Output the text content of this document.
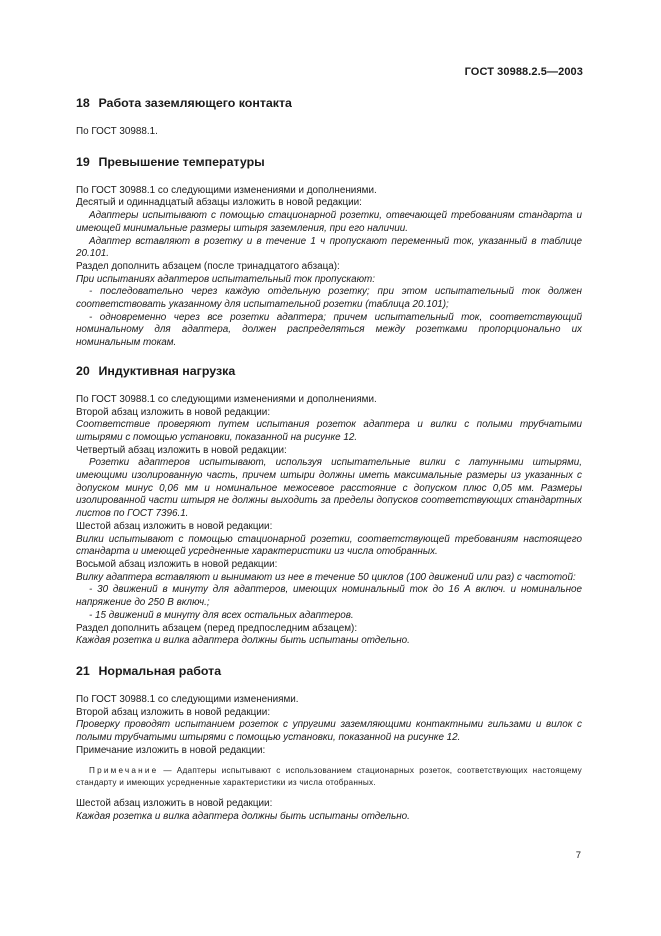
ГОСТ 30988.2.5—2003
18 Работа заземляющего контакта

По ГОСТ 30988.1.

19 Превышение температуры

По ГОСТ 30988.1 со следующими изменениями и дополнениями.

Десятый и одиннадцатый абзацы изложить в новой редакции:

Адаптеры испытывают с помощью стационарной розетки, отвечающей требованиям стандарта и имеющей минимальные размеры штыря заземления, при его наличии.

Адаптер вставляют в розетку и в течение 1 ч пропускают переменный ток, указанный в таблице 20.101.

Раздел дополнить абзацем (после тринадцатого абзаца):

При испытаниях адаптеров испытательный ток пропускают:

- последовательно через каждую отдельную розетку; при этом испытательный ток должен соответствовать указанному для испытательной розетки (таблица 20.101);

- одновременно через все розетки адаптера; причем испытательный ток, соответствующий номинальному для адаптера, должен распределяться между розетками пропорционально их номинальным токам.

20 Индуктивная нагрузка

По ГОСТ 30988.1 со следующими изменениями и дополнениями.

Второй абзац изложить в новой редакции:

Соответствие проверяют путем испытания розеток адаптера и вилки с полыми трубчатыми штырями с помощью установки, показанной на рисунке 12.

Четвертый абзац изложить в новой редакции:

Розетки адаптеров испытывают, используя испытательные вилки с латунными штырями, имеющими изолированную часть, причем штыри должны иметь максимальные размеры из указанных с допуском минус 0,06 мм и номинальное межосевое расстояние с допуском плюс 0,05 мм. Размеры изолированной части штыря не должны выходить за пределы допусков соответствующих стандартных листов по ГОСТ 7396.1.

Шестой абзац изложить в новой редакции:

Вилки испытывают с помощью стационарной розетки, соответствующей требованиям настоящего стандарта и имеющей усредненные характеристики из числа отобранных.

Восьмой абзац изложить в новой редакции:

Вилку адаптера вставляют и вынимают из нее в течение 50 циклов (100 движений или раз) с частотой:

- 30 движений в минуту для адаптеров, имеющих номинальный ток до 16 А включ. и номинальное напряжение до 250 В включ.;

- 15 движений в минуту для всех остальных адаптеров.

Раздел дополнить абзацем (перед предпоследним абзацем):

Каждая розетка и вилка адаптера должны быть испытаны отдельно.

21 Нормальная работа

По ГОСТ 30988.1 со следующими изменениями.

Второй абзац изложить в новой редакции:

Проверку проводят испытанием розеток с упругими заземляющими контактными гильзами и вилок с полыми трубчатыми штырями с помощью установки, показанной на рисунке 12.

Примечание изложить в новой редакции:

Примечание — Адаптеры испытывают с использованием стационарных розеток, соответствующих настоящему стандарту и имеющих усредненные характеристики из числа отобранных.

Шестой абзац изложить в новой редакции:

Каждая розетка и вилка адаптера должны быть испытаны отдельно.

7
